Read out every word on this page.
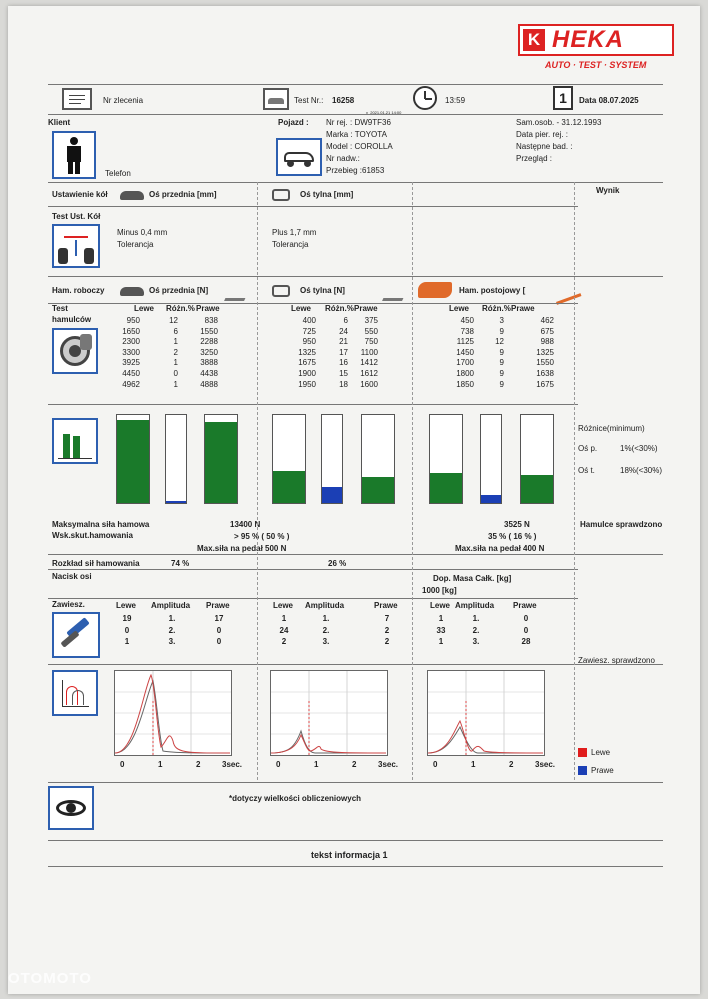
K HEKA
AUTO · TEST · SYSTEM
Nr zlecenia	Test Nr.: 16258
v_2021.01.21 14:00
13:59	1	Data 08.07.2025
Klient
Telefon
Pojazd : Nr rej. : DW9TF36
Marka : TOYOTA
Model : COROLLA
Nr nadw.:
Przebieg :61853
Sam.osob. - 31.12.1993
Data pier. rej. :
Następne bad. :
Przegląd :
Ustawienie kół	Oś przednia [mm]	Oś tylna [mm]	Wynik
Test Ust. Kół
Minus 0,4 mm
Tolerancja
Plus 1,7 mm
Tolerancja
Ham. roboczy	Oś przednia [N]	Oś tylna [N]	Ham. postojowy [
Test
hamulców
Lewe Różn.% Prawe	Lewe Różn.% Prawe	Lewe Różn.% Prawe
Różnice(minimum)
Oś p.	1%(<30%)
Oś t.	18%(<30%)
Maksymalna siła hamowa	13400 N	3525 N	Hamulce sprawdzono
Wsk.skut.hamowania	> 95 % ( 50 % )	35 % ( 16 % )
Max.siła na pedał 500 N	Max.siła na pedał 400 N
Rozkład sił hamowania	74 %	26 %
Nacisk osi	Dop. Masa Całk. [kg]
1000 [kg]
Zawiesz.
Zawiesz. sprawdzono
Lewe
Prawe
*dotyczy wielkości obliczeniowych
tekst informacja 1
950	12	838
1650	6	1550
2300	1	2288
3300	2	3250
3925	1	3888
4450	0	4438
4962	1	4888
400	6	375
725	24	550
950	21	750
1325	17	1100
1675	16	1412
1900	15	1612
1950	18	1600
450	3	462
738	9	675
1125	12	988
1450	9	1325
1700	9	1550
1800	9	1638
1850	9	1675
Lewe Amplituda Prawe
19	1.	17
0	2.	0
1	3.	0
Lewe Amplituda	Prawe
1	1.	7
24	2.	2
2	3.	2
Lewe Amplituda Prawe
1	1.	0
33	2.	0
1	3.	28
0	1	2	3sec.	0	1	2	3sec.	0	1	2	3sec.
OTOMOTO
